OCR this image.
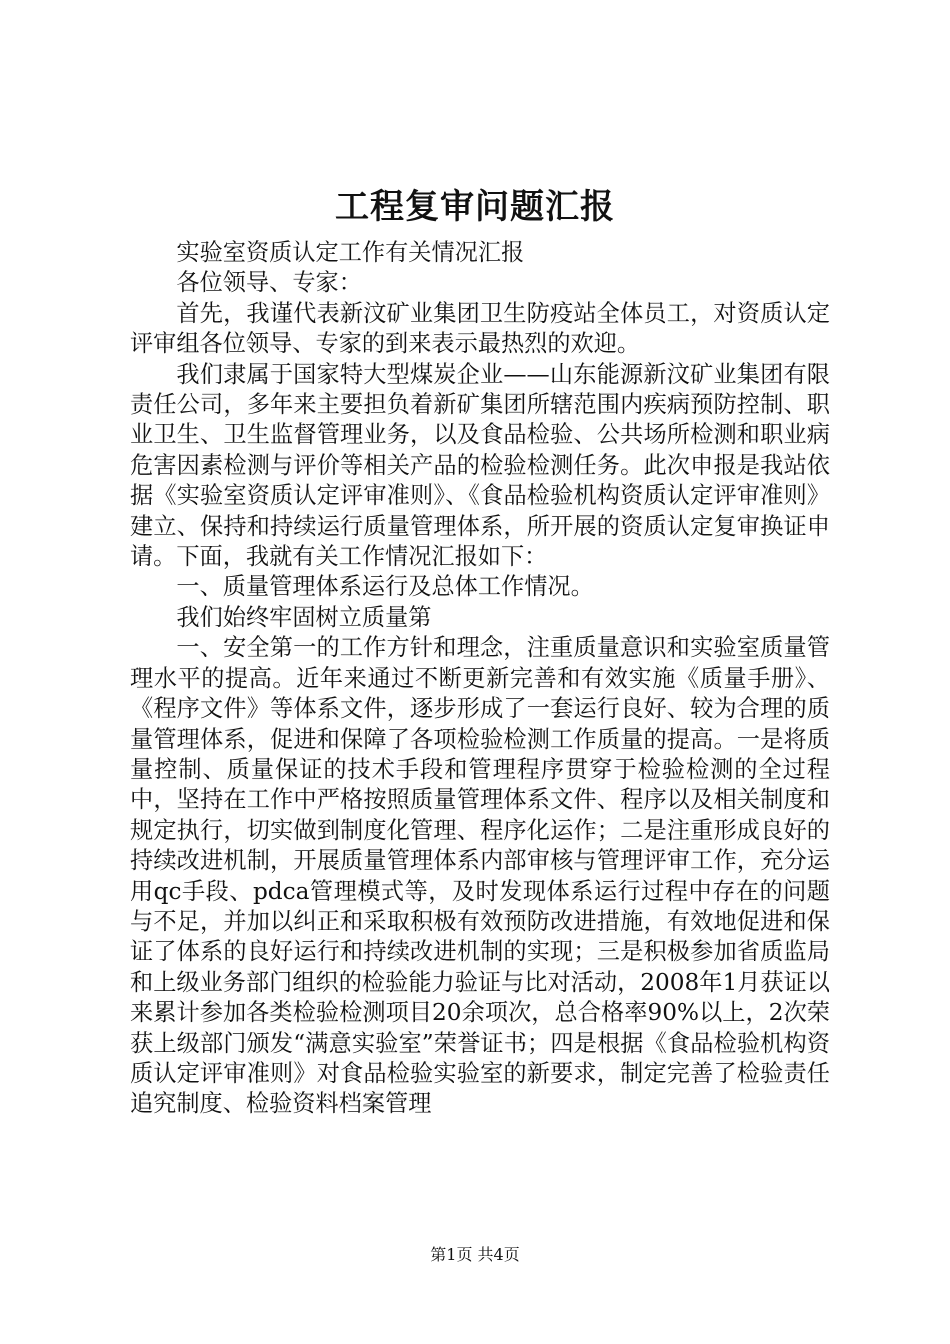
工程复审问题汇报

实验室资质认定工作有关情况汇报

各位领导、专家：

首先，我谨代表新汶矿业集团卫生防疫站全体员工，对资质认定评审组各位领导、专家的到来表示最热烈的欢迎。

我们隶属于国家特大型煤炭企业——山东能源新汶矿业集团有限责任公司，多年来主要担负着新矿集团所辖范围内疾病预防控制、职业卫生、卫生监督管理业务，以及食品检验、公共场所检测和职业病危害因素检测与评价等相关产品的检验检测任务。此次申报是我站依据《实验室资质认定评审准则》、《食品检验机构资质认定评审准则》建立、保持和持续运行质量管理体系，所开展的资质认定复审换证申请。下面，我就有关工作情况汇报如下：

一、质量管理体系运行及总体工作情况。

我们始终牢固树立质量第

一、安全第一的工作方针和理念，注重质量意识和实验室质量管理水平的提高。近年来通过不断更新完善和有效实施《质量手册》、《程序文件》等体系文件，逐步形成了一套运行良好、较为合理的质量管理体系，促进和保障了各项检验检测工作质量的提高。一是将质量控制、质量保证的技术手段和管理程序贯穿于检验检测的全过程中，坚持在工作中严格按照质量管理体系文件、程序以及相关制度和规定执行，切实做到制度化管理、程序化运作；二是注重形成良好的持续改进机制，开展质量管理体系内部审核与管理评审工作，充分运用qc手段、pdca管理模式等，及时发现体系运行过程中存在的问题与不足，并加以纠正和采取积极有效预防改进措施，有效地促进和保证了体系的良好运行和持续改进机制的实现；三是积极参加省质监局和上级业务部门组织的检验能力验证与比对活动，2008年1月获证以来累计参加各类检验检测项目20余项次，总合格率90%以上，2次荣获上级部门颁发“满意实验室”荣誉证书；四是根据《食品检验机构资质认定评审准则》对食品检验实验室的新要求，制定完善了检验责任追究制度、检验资料档案管理

第1页 共4页
